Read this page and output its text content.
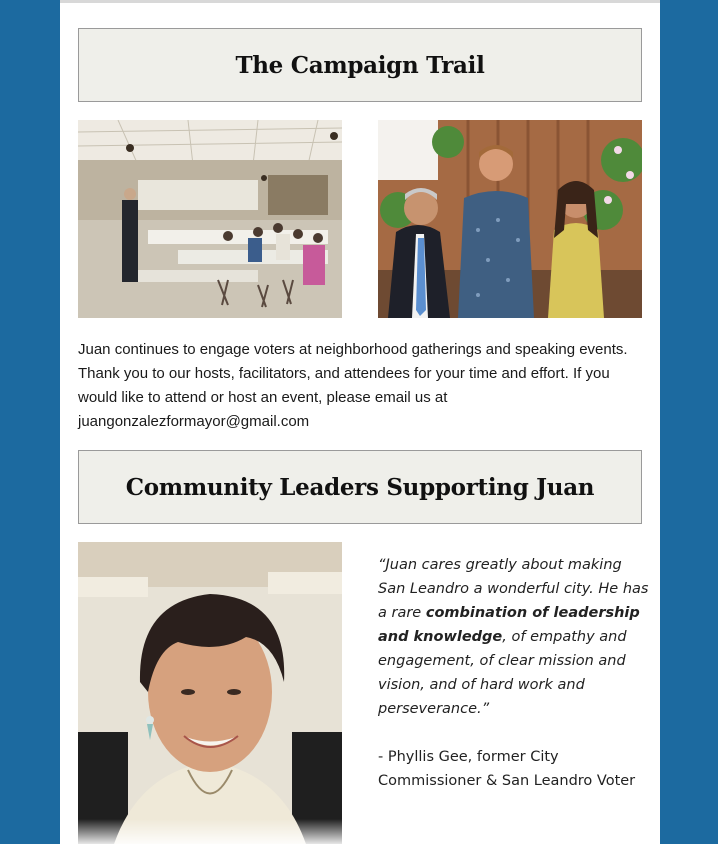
The Campaign Trail

Juan continues to engage voters at neighborhood gatherings and speaking events. Thank you to our hosts, facilitators, and attendees for your time and effort. If you would like to attend or host an event, please email us at juangonzalezformayor@gmail.com

Community Leaders Supporting Juan

“Juan cares greatly about making San Leandro a wonderful city. He has a rare combination of leadership and knowledge, of empathy and engagement, of clear mission and vision, and of hard work and perseverance.”

- Phyllis Gee, former City Commissioner & San Leandro Voter
